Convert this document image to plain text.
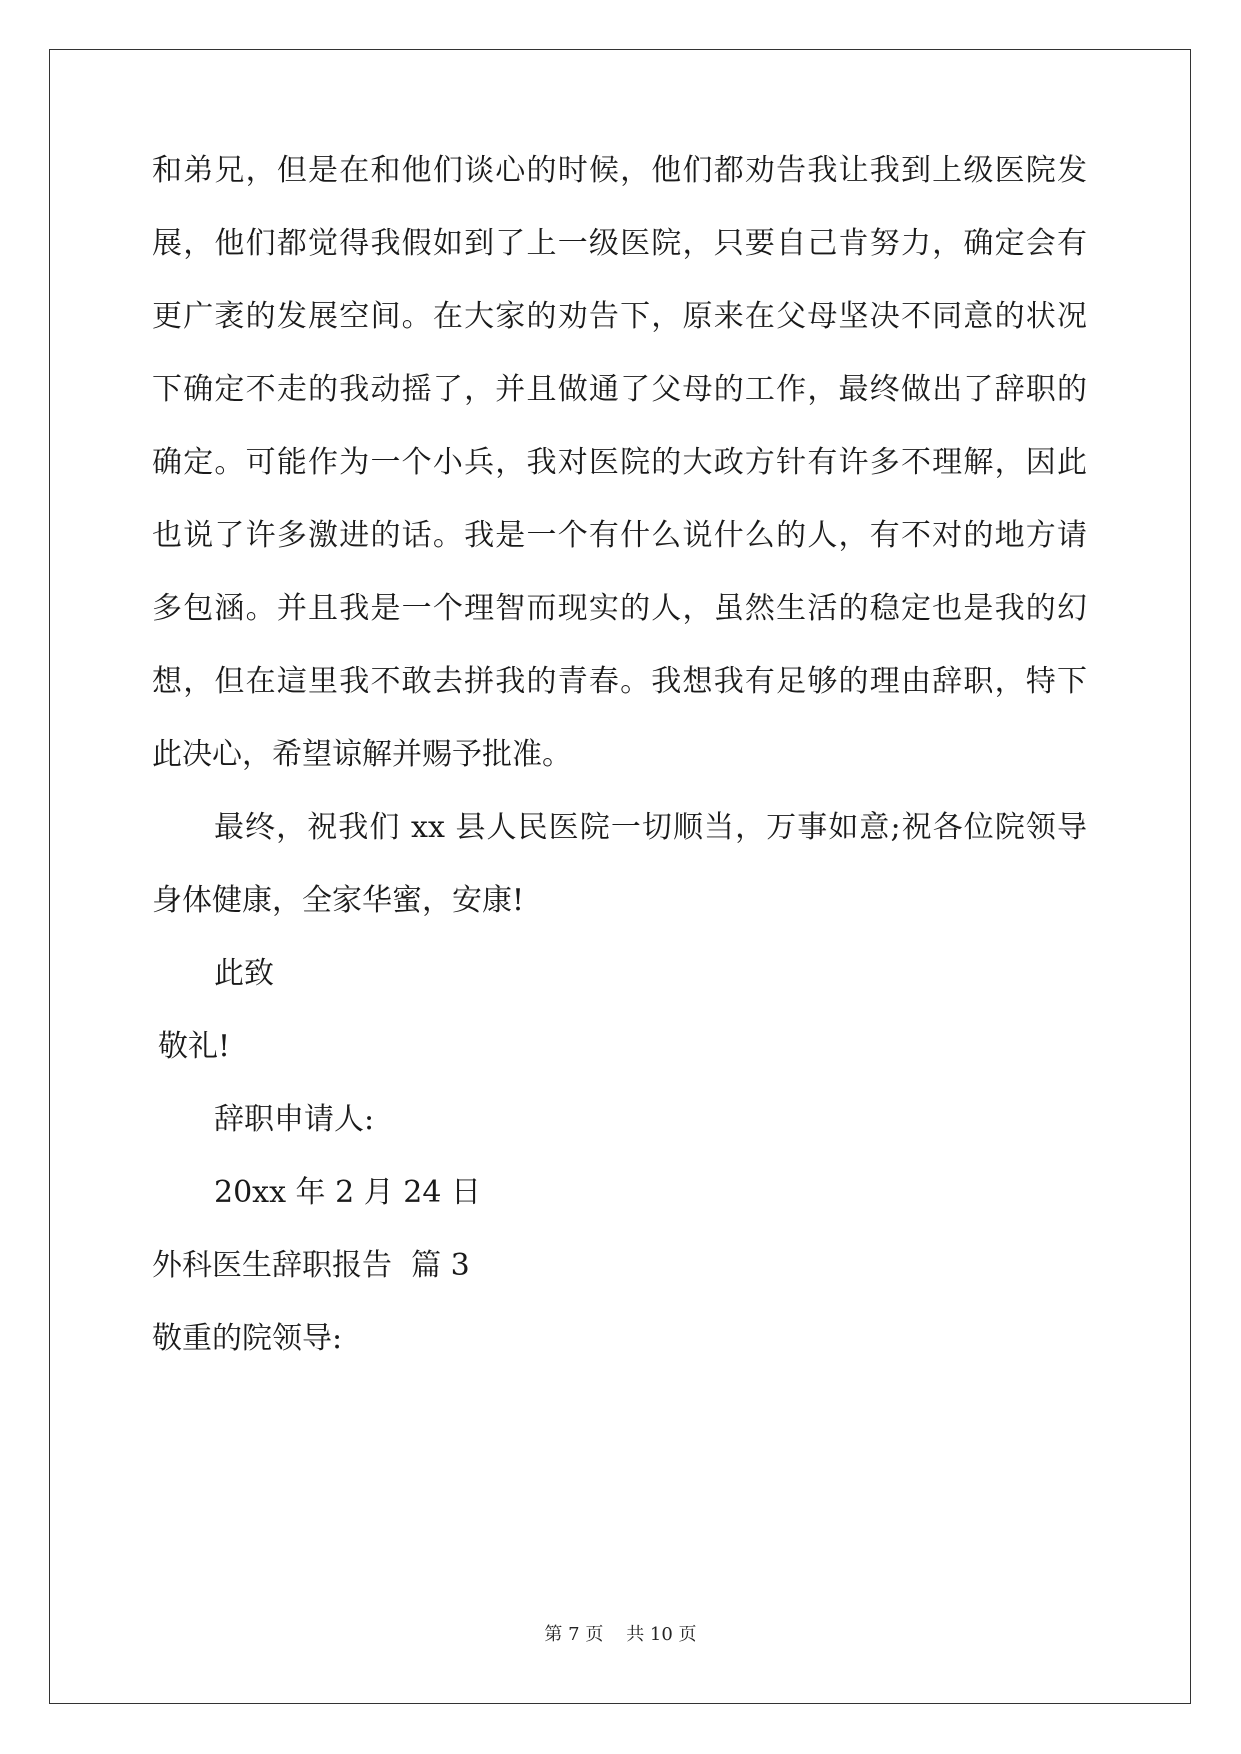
和弟兄，但是在和他们谈心的时候，他们都劝告我让我到上级医院发
展，他们都觉得我假如到了上一级医院，只要自己肯努力，确定会有
更广袤的发展空间。在大家的劝告下，原来在父母坚决不同意的状况
下确定不走的我动摇了，并且做通了父母的工作，最终做出了辞职的
确定。可能作为一个小兵，我对医院的大政方针有许多不理解，因此
也说了许多激进的话。我是一个有什么说什么的人，有不对的地方请
多包涵。并且我是一个理智而现实的人，虽然生活的稳定也是我的幻
想，但在這里我不敢去拼我的青春。我想我有足够的理由辞职，特下
此决心，希望谅解并赐予批准。
最终，祝我们 xx 县人民医院一切顺当，万事如意;祝各位院领导
身体健康，全家华蜜，安康!
此致
敬礼!
辞职申请人:
20xx 年 2 月 24 日
外科医生辞职报告  篇 3
敬重的院领导:
第 7 页    共 10 页
